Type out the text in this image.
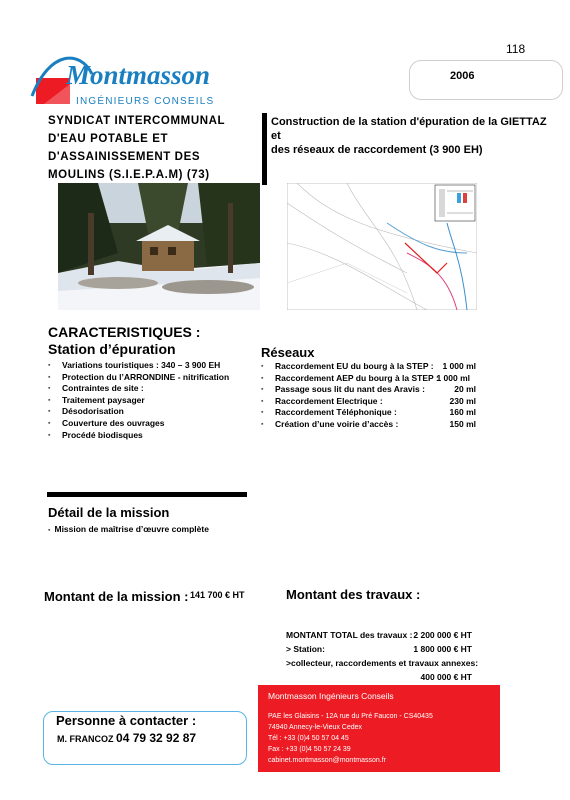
118
2006
Montmasson
INGÉNIEURS CONSEILS
SYNDICAT INTERCOMMUNAL
D'EAU POTABLE ET
D'ASSAINISSEMENT DES
MOULINS (S.I.E.P.A.M) (73)
Construction de la station d'épuration de la GIETTAZ et
des réseaux de raccordement (3 900 EH)
CARACTERISTIQUES :
Station d’épuration
▪ Variations touristiques : 340 – 3 900 EH
▪ Protection du l’ARRONDINE - nitrification
▪ Contraintes de site :
▪ Traitement paysager
▪ Désodorisation
▪ Couverture des ouvrages
▪ Procédé biodisques
Réseaux
▪ Raccordement EU du bourg à la STEP : 1 000 ml
▪ Raccordement AEP du bourg à la STEP :
1 000 ml
▪ Passage sous lit du nant des Aravis :	20 ml
▪ Raccordement Electrique :	230 ml
▪ Raccordement Téléphonique :	160 ml
▪ Création d’une voirie d’accès :	150 ml
Détail de la mission
▪ Mission de maîtrise d’œuvre complète
Montant de la mission : 141 700 € HT	Montant des travaux :
MONTANT TOTAL des travaux : 2 200 000 € HT
> Station:	1 800 000 € HT
>collecteur, raccordements et travaux annexes:
400 000 € HT
Montmasson Ingénieurs Conseils
PAE les Glaisins - 12A rue du Pré Faucon - CS40435
74940 Annecy-le-Vieux Cedex
Tél : +33 (0)4 50 57 04 45
Fax : +33 (0)4 50 57 24 39
cabinet.montmasson@montmasson.fr
Personne à contacter :
M. FRANCOZ 04 79 32 92 87
